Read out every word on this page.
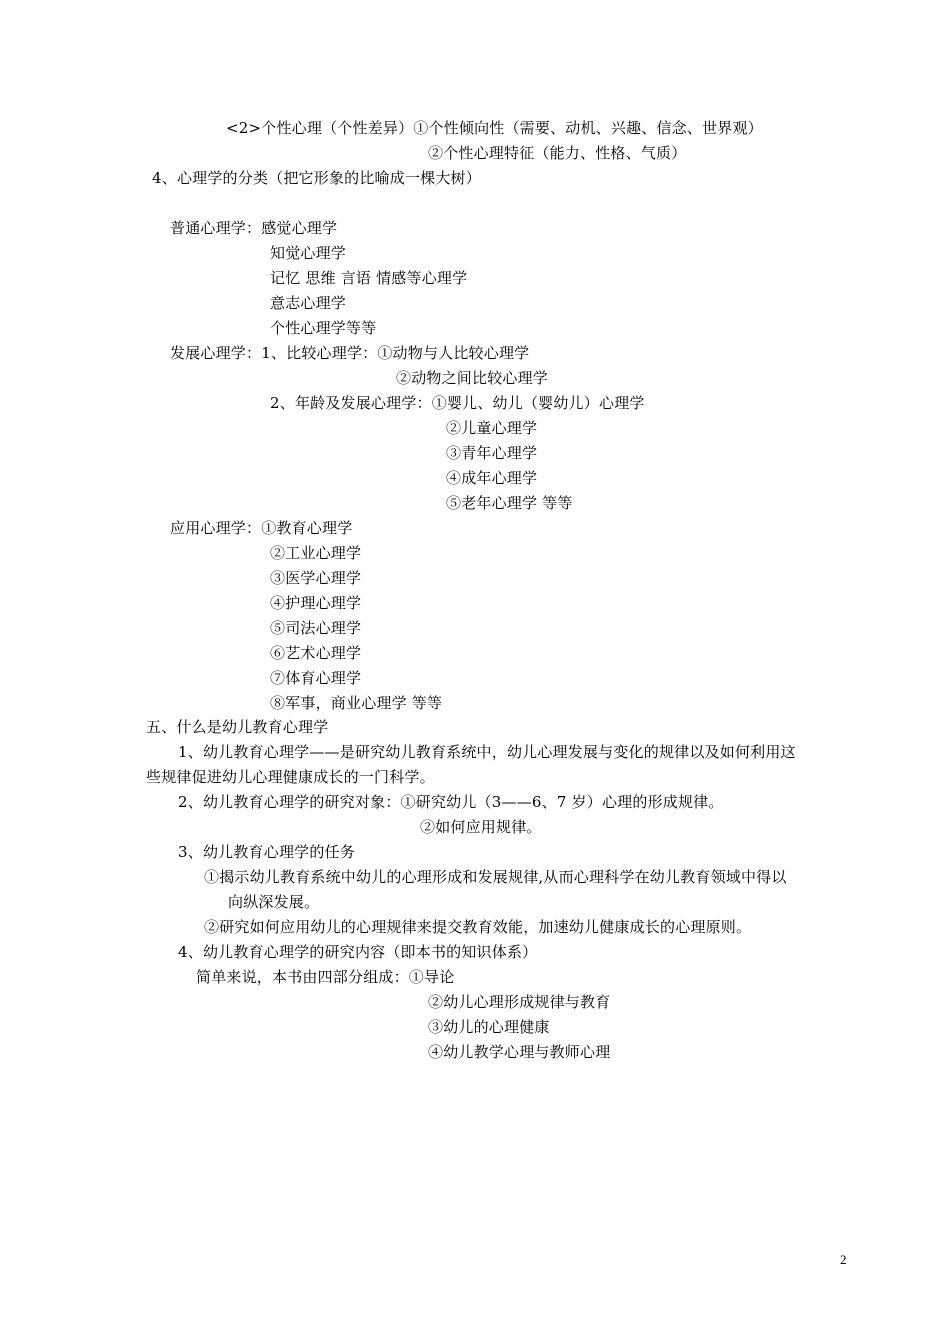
<2>个性心理（个性差异）①个性倾向性（需要、动机、兴趣、信念、世界观）
②个性心理特征（能力、性格、气质）
4、心理学的分类（把它形象的比喻成一棵大树）
普通心理学：感觉心理学
知觉心理学
记忆 思维 言语 情感等心理学
意志心理学
个性心理学等等
发展心理学：1、比较心理学：①动物与人比较心理学
②动物之间比较心理学
2、年龄及发展心理学：①婴儿、幼儿（婴幼儿）心理学
②儿童心理学
③青年心理学
④成年心理学
⑤老年心理学 等等
应用心理学：①教育心理学
②工业心理学
③医学心理学
④护理心理学
⑤司法心理学
⑥艺术心理学
⑦体育心理学
⑧军事，商业心理学 等等
五、什么是幼儿教育心理学
1、幼儿教育心理学——是研究幼儿教育系统中，幼儿心理发展与变化的规律以及如何利用这
些规律促进幼儿心理健康成长的一门科学。
2、幼儿教育心理学的研究对象：①研究幼儿（3——6、7 岁）心理的形成规律。
②如何应用规律。
3、幼儿教育心理学的任务
①揭示幼儿教育系统中幼儿的心理形成和发展规律,从而心理科学在幼儿教育领域中得以
向纵深发展。
②研究如何应用幼儿的心理规律来提交教育效能，加速幼儿健康成长的心理原则。
4、幼儿教育心理学的研究内容（即本书的知识体系）
简单来说，本书由四部分组成：①导论
②幼儿心理形成规律与教育
③幼儿的心理健康
④幼儿教学心理与教师心理
2
